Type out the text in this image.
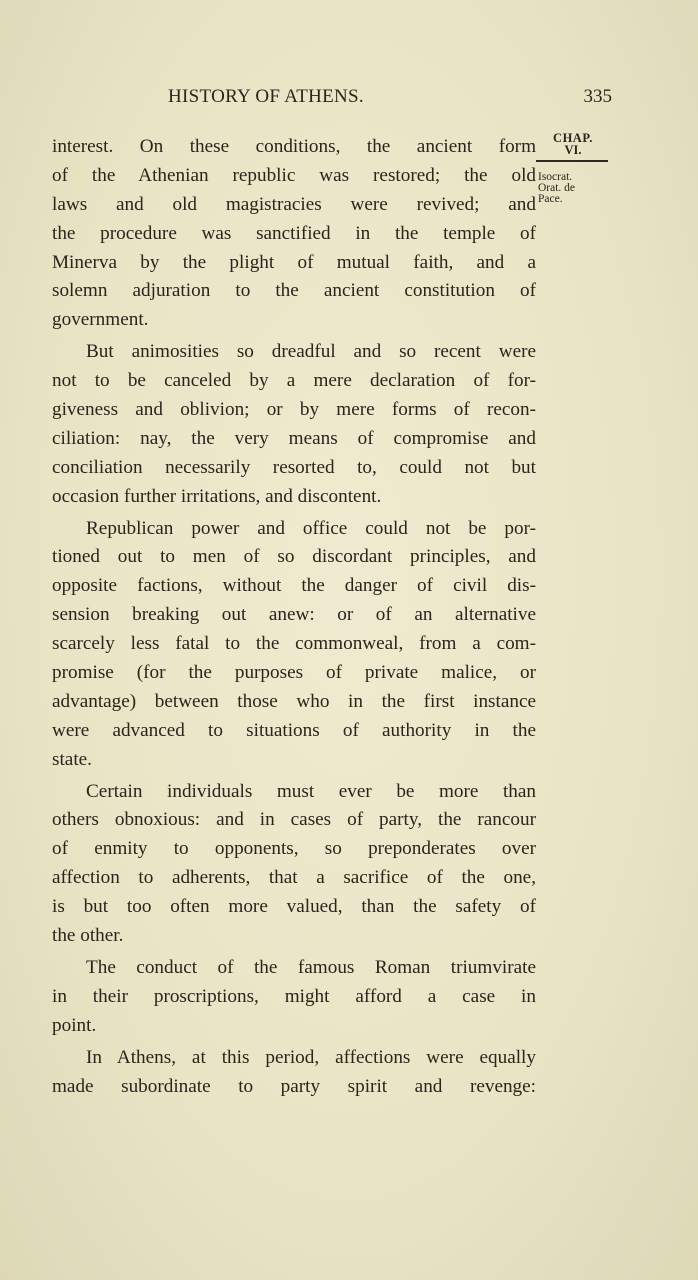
HISTORY OF ATHENS.	335
CHAP.
VI.
Isocrat.
Orat. de
Pace.
interest. On these conditions, the ancient form
of the Athenian republic was restored; the old
laws and old magistracies were revived; and
the procedure was sanctified in the temple of
Minerva by the plight of mutual faith, and a
solemn adjuration to the ancient constitution of
government.
But animosities so dreadful and so recent were
not to be canceled by a mere declaration of for-
giveness and oblivion; or by mere forms of recon-
ciliation: nay, the very means of compromise and
conciliation necessarily resorted to, could not but
occasion further irritations, and discontent.
Republican power and office could not be por-
tioned out to men of so discordant principles, and
opposite factions, without the danger of civil dis-
sension breaking out anew: or of an alternative
scarcely less fatal to the commonweal, from a com-
promise (for the purposes of private malice, or
advantage) between those who in the first instance
were advanced to situations of authority in the
state.
Certain individuals must ever be more than
others obnoxious: and in cases of party, the rancour
of enmity to opponents, so preponderates over
affection to adherents, that a sacrifice of the one,
is but too often more valued, than the safety of
the other.
The conduct of the famous Roman triumvirate
in their proscriptions, might afford a case in
point.
In Athens, at this period, affections were equally
made subordinate to party spirit and revenge:
